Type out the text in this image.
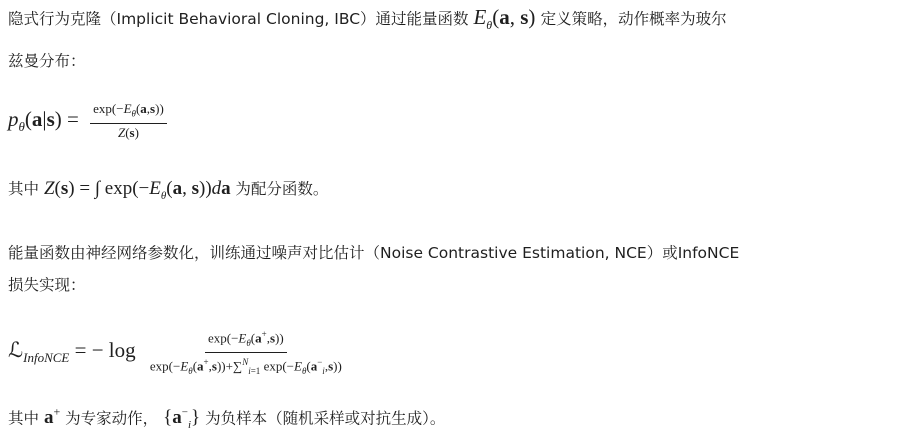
隐式行为克隆（Implicit Behavioral Cloning, IBC）通过能量函数 $E_\theta(a$, s) 定义策略，动作概率为玻尔
兹曼分布：
$p_\theta(a|s) = \frac{\exp(-E_\theta(a,s))}{Z(s)}$
其中 Z(s) = ∫ $\exp(-E_\theta(a$, s))da 为配分函数。
能量函数由神经网络参数化，训练通过噪声对比估计（Noise Contrastive Estimation, NCE）或InfoNCE
损失实现：
ℒ$_{InfoNCE}$ = − $\log \frac{\exp(-E_\theta(a^+,s))}{\exp(-E_\theta(a^+,s))+\sum^N_{i=1} \exp(-E_\theta(a^-_i,s))}$
其中 a+ 为专家动作， $\{a^-_i\}$ 为负样本（随机采样或对抗生成）。
